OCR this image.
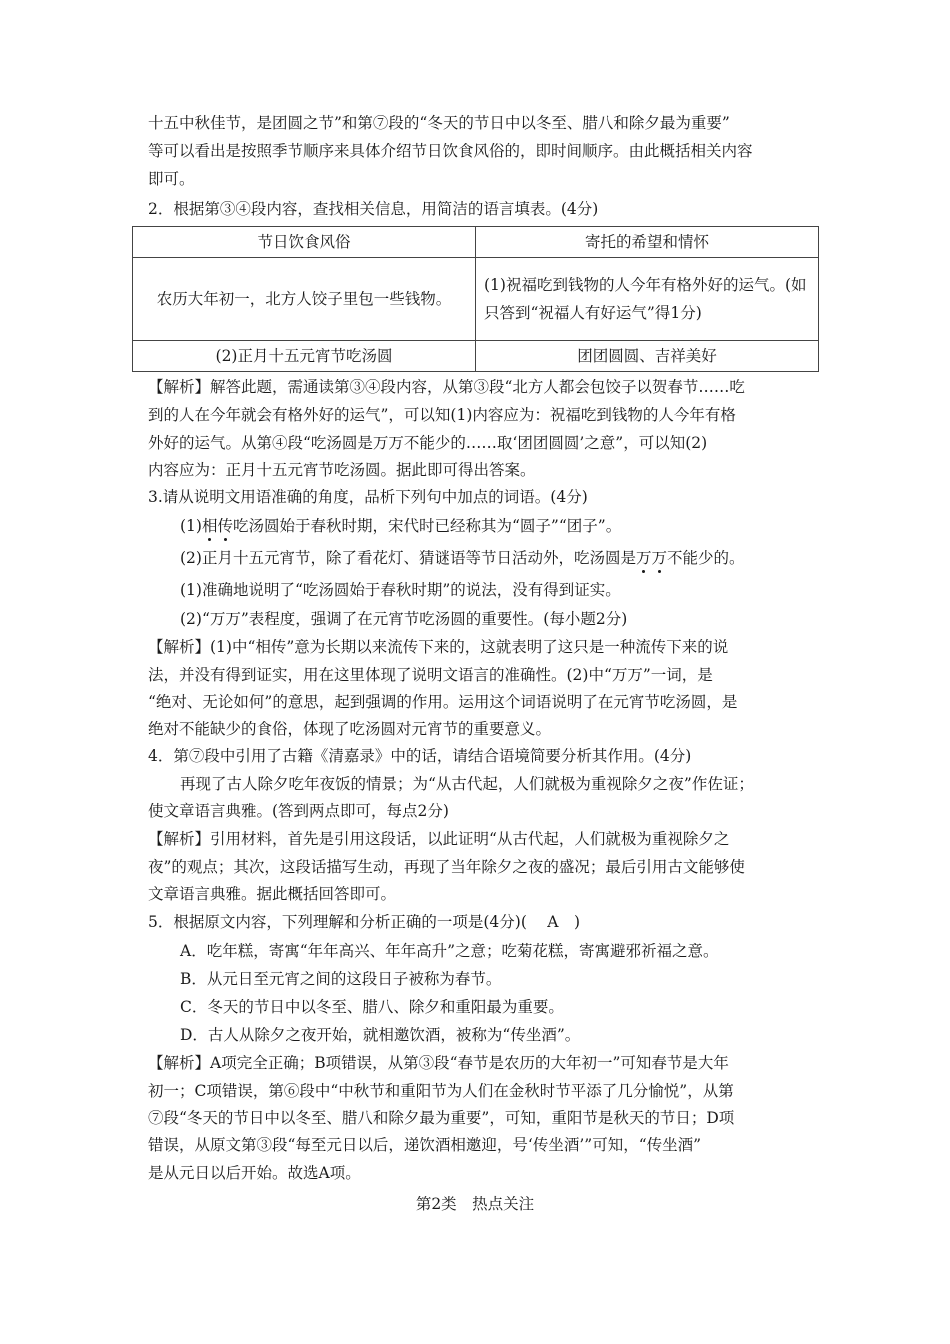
十五中秋佳节，是团圆之节”和第⑦段的“冬天的节日中以冬至、腊八和除夕最为重要”

等可以看出是按照季节顺序来具体介绍节日饮食风俗的，即时间顺序。由此概括相关内容

即可。

2．根据第③④段内容，查找相关信息，用简洁的语言填表。(4分)

节日饮食风俗	寄托的希望和情怀
农历大年初一，北方人饺子里包一些钱物。	(1)祝福吃到钱物的人今年有格外好的运气。(如只答到“祝福人有好运气”得1分)
(2)正月十五元宵节吃汤圆	团团圆圆、吉祥美好

【解析】解答此题，需通读第③④段内容，从第③段“北方人都会包饺子以贺春节……吃

到的人在今年就会有格外好的运气”，可以知(1)内容应为：祝福吃到钱物的人今年有格

外好的运气。从第④段“吃汤圆是万万不能少的……取‘团团圆圆’之意”，可以知(2)

内容应为：正月十五元宵节吃汤圆。据此即可得出答案。

3.请从说明文用语准确的角度，品析下列句中加点的词语。(4分)

(1)相传吃汤圆始于春秋时期，宋代时已经称其为“圆子”“团子”。

(2)正月十五元宵节，除了看花灯、猜谜语等节日活动外，吃汤圆是万万不能少的。

(1)准确地说明了“吃汤圆始于春秋时期”的说法，没有得到证实。

(2)“万万”表程度，强调了在元宵节吃汤圆的重要性。(每小题2分)

【解析】(1)中“相传”意为长期以来流传下来的，这就表明了这只是一种流传下来的说

法，并没有得到证实，用在这里体现了说明文语言的准确性。(2)中“万万”一词，是

“绝对、无论如何”的意思，起到强调的作用。运用这个词语说明了在元宵节吃汤圆，是

绝对不能缺少的食俗，体现了吃汤圆对元宵节的重要意义。

4．第⑦段中引用了古籍《清嘉录》中的话，请结合语境简要分析其作用。(4分)

再现了古人除夕吃年夜饭的情景；为“从古代起，人们就极为重视除夕之夜”作佐证；

使文章语言典雅。(答到两点即可，每点2分)

【解析】引用材料，首先是引用这段话，以此证明“从古代起，人们就极为重视除夕之

夜”的观点；其次，这段话描写生动，再现了当年除夕之夜的盛况；最后引用古文能够使

文章语言典雅。据此概括回答即可。

5．根据原文内容，下列理解和分析正确的一项是(4分)(　 A　)

A．吃年糕，寄寓“年年高兴、年年高升”之意；吃菊花糕，寄寓避邪祈福之意。

B．从元日至元宵之间的这段日子被称为春节。

C．冬天的节日中以冬至、腊八、除夕和重阳最为重要。

D．古人从除夕之夜开始，就相邀饮酒，被称为“传坐酒”。

【解析】A项完全正确；B项错误，从第③段“春节是农历的大年初一”可知春节是大年

初一；C项错误，第⑥段中“中秋节和重阳节为人们在金秋时节平添了几分愉悦”，从第

⑦段“冬天的节日中以冬至、腊八和除夕最为重要”，可知，重阳节是秋天的节日；D项

错误，从原文第③段“每至元日以后，递饮酒相邀迎，号‘传坐酒’”可知，“传坐酒”

是从元日以后开始。故选A项。

第2类　热点关注
